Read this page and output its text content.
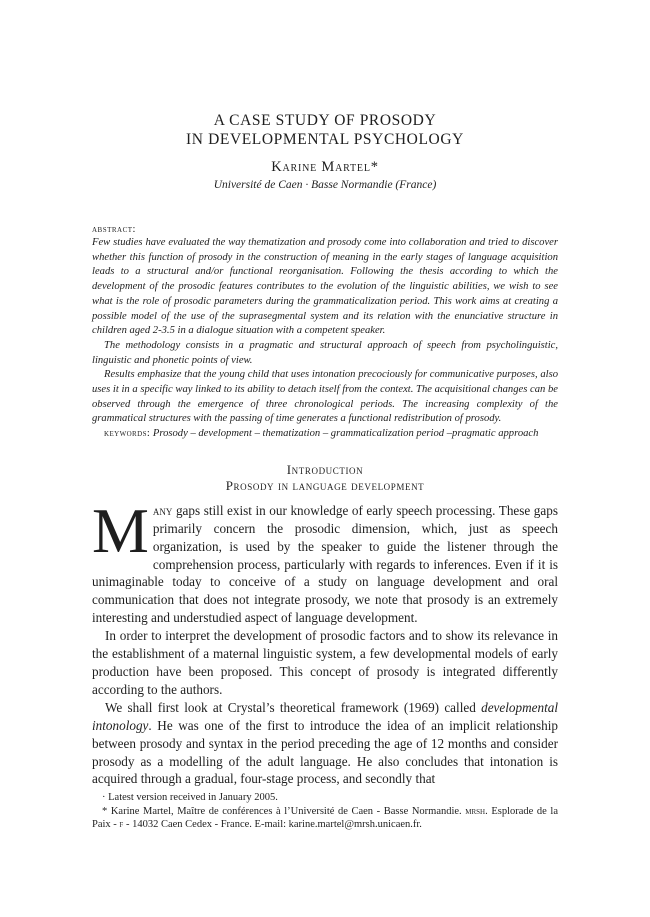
A CASE STUDY OF PROSODY
IN DEVELOPMENTAL PSYCHOLOGY
Karine Martel*
Université de Caen · Basse Normandie (France)
abstract:

Few studies have evaluated the way thematization and prosody come into collaboration and tried to discover whether this function of prosody in the construction of meaning in the early stages of language acquisition leads to a structural and/or functional reorganisation. Following the thesis according to which the development of the prosodic features contributes to the evolution of the linguistic abilities, we wish to see what is the role of prosodic parameters during the grammaticalization period. This work aims at creating a possible model of the use of the suprasegmental system and its relation with the enunciative structure in children aged 2-3.5 in a dialogue situation with a competent speaker.

The methodology consists in a pragmatic and structural approach of speech from psycholinguistic, linguistic and phonetic points of view.

Results emphasize that the young child that uses intonation precociously for communicative purposes, also uses it in a specific way linked to its ability to detach itself from the context. The acquisitional changes can be observed through the emergence of three chronological periods. The increasing complexity of the grammatical structures with the passing of time generates a functional redistribution of prosody.

keywords: Prosody – development – thematization – grammaticalization period –pragmatic approach

Introduction
Prosody in language development

Many gaps still exist in our knowledge of early speech processing. These gaps primarily concern the prosodic dimension, which, just as speech organization, is used by the speaker to guide the listener through the comprehension process, particularly with regards to inferences. Even if it is unimaginable today to conceive of a study on language development and oral communication that does not integrate prosody, we note that prosody is an extremely interesting and understudied aspect of language development.

In order to interpret the development of prosodic factors and to show its relevance in the establishment of a maternal linguistic system, a few developmental models of early production have been proposed. This concept of prosody is integrated differently according to the authors.

We shall first look at Crystal’s theoretical framework (1969) called developmental intonology. He was one of the first to introduce the idea of an implicit relationship between prosody and syntax in the period preceding the age of 12 months and consider prosody as a modelling of the adult language. He also concludes that intonation is acquired through a gradual, four-stage process, and secondly that

· Latest version received in January 2005.

* Karine Martel, Maître de conférences à l’Université de Caen - Basse Normandie. mrsh. Esplorade de la Paix - f - 14032 Caen Cedex - France. E-mail: karine.martel@mrsh.unicaen.fr.
